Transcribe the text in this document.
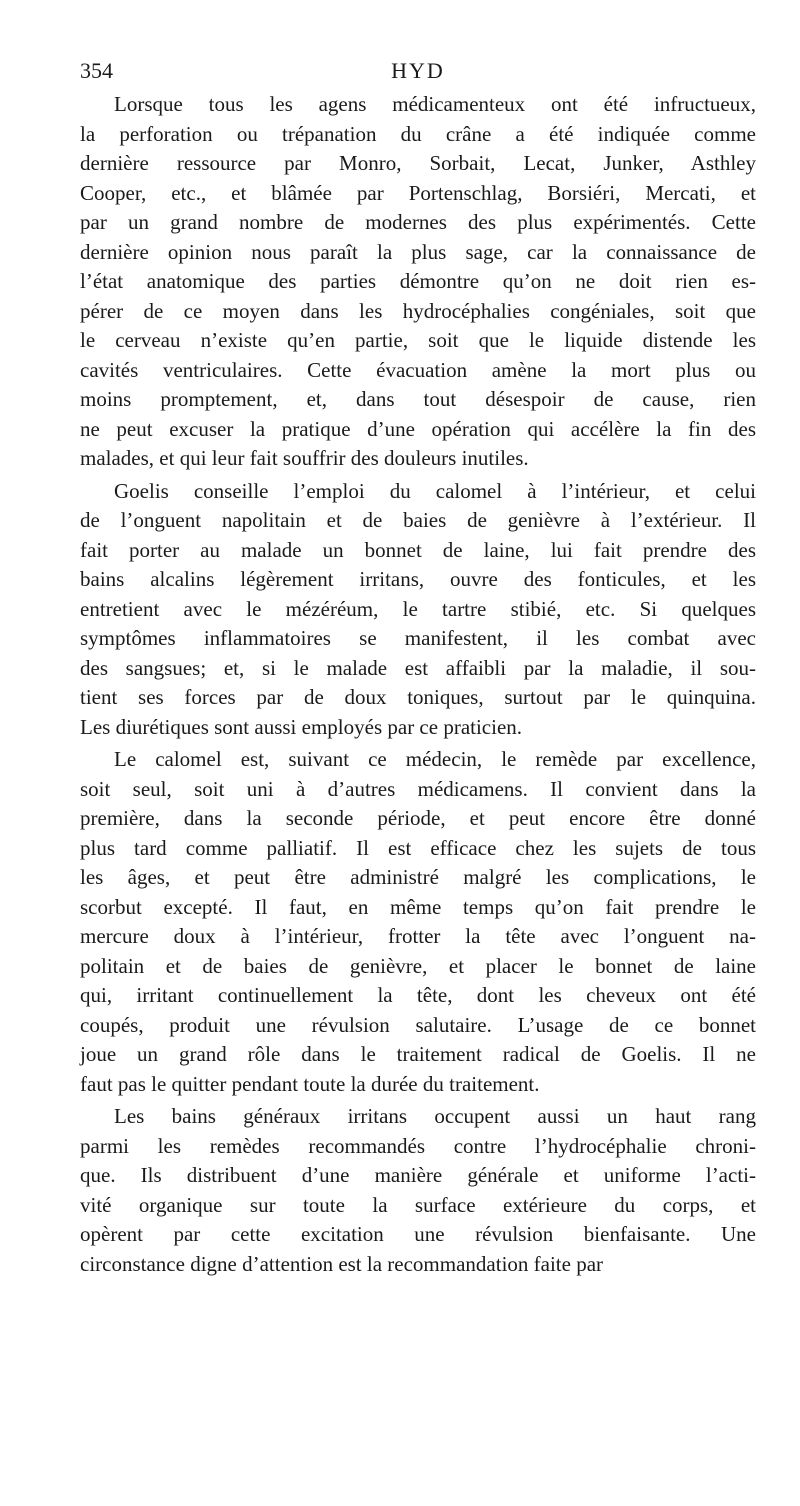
354	HYD
Lorsque tous les agens médicamenteux ont été infructueux,
la perforation ou trépanation du crâne a été indiquée comme
dernière ressource par Monro, Sorbait, Lecat, Junker, Asthley
Cooper, etc., et blâmée par Portenschlag, Borsiéri, Mercati, et
par un grand nombre de modernes des plus expérimentés. Cette
dernière opinion nous paraît la plus sage, car la connaissance de
l’état anatomique des parties démontre qu’on ne doit rien es-
pérer de ce moyen dans les hydrocéphalies congéniales, soit que
le cerveau n’existe qu’en partie, soit que le liquide distende les
cavités ventriculaires. Cette évacuation amène la mort plus ou
moins promptement, et, dans tout désespoir de cause, rien
ne peut excuser la pratique d’une opération qui accélère la fin des
malades, et qui leur fait souffrir des douleurs inutiles.
Goelis conseille l’emploi du calomel à l’intérieur, et celui
de l’onguent napolitain et de baies de genièvre à l’extérieur. Il
fait porter au malade un bonnet de laine, lui fait prendre des
bains alcalins légèrement irritans, ouvre des fonticules, et les
entretient avec le mézéréum, le tartre stibié, etc. Si quelques
symptômes inflammatoires se manifestent, il les combat avec
des sangsues; et, si le malade est affaibli par la maladie, il sou-
tient ses forces par de doux toniques, surtout par le quinquina.
Les diurétiques sont aussi employés par ce praticien.
Le calomel est, suivant ce médecin, le remède par excellence,
soit seul, soit uni à d’autres médicamens. Il convient dans la
première, dans la seconde période, et peut encore être donné
plus tard comme palliatif. Il est efficace chez les sujets de tous
les âges, et peut être administré malgré les complications, le
scorbut excepté. Il faut, en même temps qu’on fait prendre le
mercure doux à l’intérieur, frotter la tête avec l’onguent na-
politain et de baies de genièvre, et placer le bonnet de laine
qui, irritant continuellement la tête, dont les cheveux ont été
coupés, produit une révulsion salutaire. L’usage de ce bonnet
joue un grand rôle dans le traitement radical de Goelis. Il ne
faut pas le quitter pendant toute la durée du traitement.
Les bains généraux irritans occupent aussi un haut rang
parmi les remèdes recommandés contre l’hydrocéphalie chroni-
que. Ils distribuent d’une manière générale et uniforme l’acti-
vité organique sur toute la surface extérieure du corps, et
opèrent par cette excitation une révulsion bienfaisante. Une
circonstance digne d’attention est la recommandation faite par
